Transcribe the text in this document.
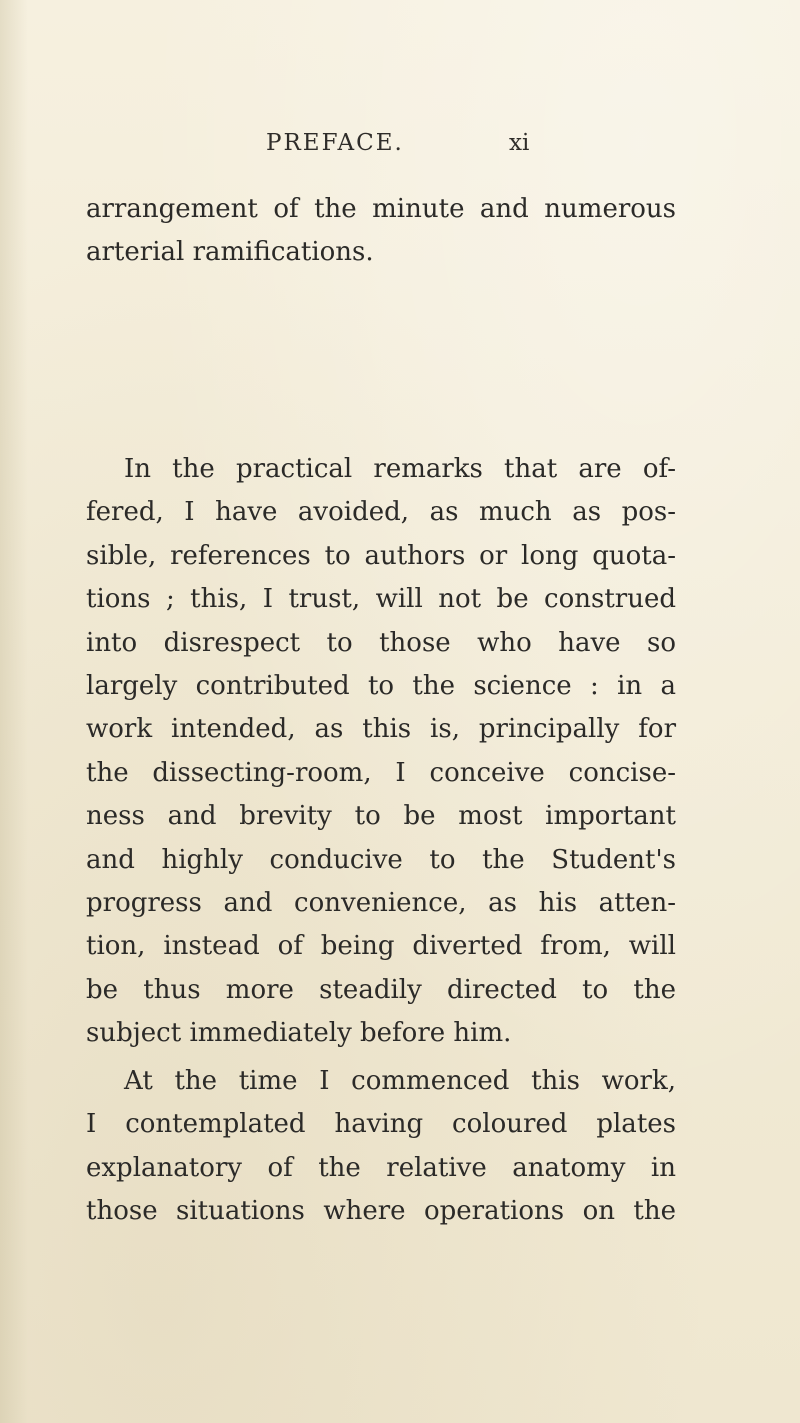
PREFACE.	xi
arrangement of the minute and numerous
arterial ramifications.
In the practical remarks that are of-
fered, I have avoided, as much as pos-
sible, references to authors or long quota-
tions ; this, I trust, will not be construed
into disrespect to those who have so
largely contributed to the science : in a
work intended, as this is, principally for
the dissecting-room, I conceive concise-
ness and brevity to be most important
and highly conducive to the Student's
progress and convenience, as his atten-
tion, instead of being diverted from, will
be thus more steadily directed to the
subject immediately before him.
At the time I commenced this work,
I contemplated having coloured plates
explanatory of the relative anatomy in
those situations where operations on the
